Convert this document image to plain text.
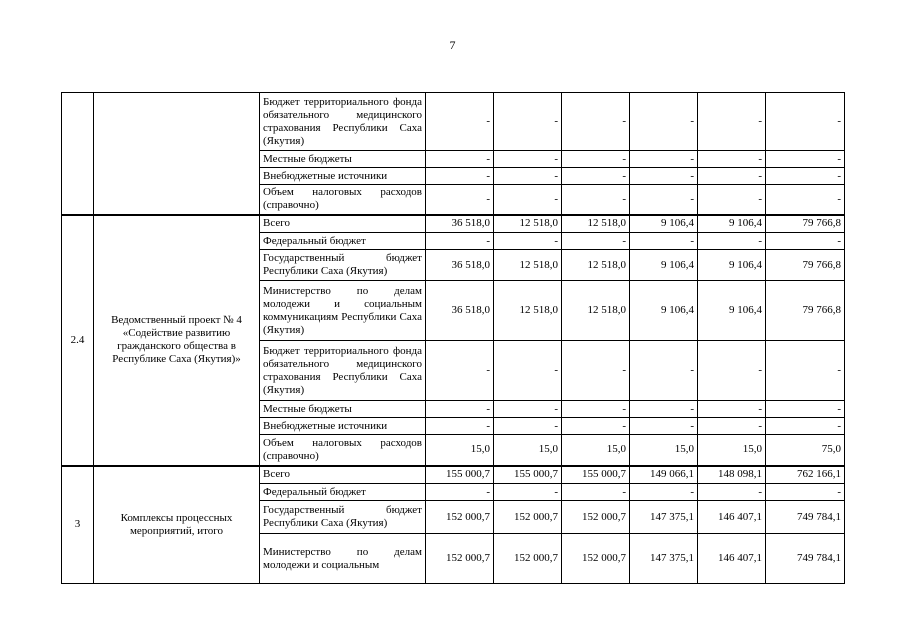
7
		Бюджет территориального фонда обязательного медицинского страхования Республики Саха (Якутия)	-	-	-	-	-	-
		Местные бюджеты	-	-	-	-	-	-
		Внебюджетные источники	-	-	-	-	-	-
		Объем налоговых расходов (справочно)	-	-	-	-	-	-
2.4	Ведомственный проект № 4 «Содействие развитию гражданского общества в Республике Саха (Якутия)»	Всего	36 518,0	12 518,0	12 518,0	9 106,4	9 106,4	79 766,8
		Федеральный бюджет	-	-	-	-	-	-
		Государственный бюджет Республики Саха (Якутия)	36 518,0	12 518,0	12 518,0	9 106,4	9 106,4	79 766,8
		Министерство по делам молодежи и социальным коммуникациям Республики Саха (Якутия)	36 518,0	12 518,0	12 518,0	9 106,4	9 106,4	79 766,8
		Бюджет территориального фонда обязательного медицинского страхования Республики Саха (Якутия)	-	-	-	-	-	-
		Местные бюджеты	-	-	-	-	-	-
		Внебюджетные источники	-	-	-	-	-	-
		Объем налоговых расходов (справочно)	15,0	15,0	15,0	15,0	15,0	75,0
3	Комплексы процессных мероприятий, итого	Всего	155 000,7	155 000,7	155 000,7	149 066,1	148 098,1	762 166,1
		Федеральный бюджет	-	-	-	-	-	-
		Государственный бюджет Республики Саха (Якутия)	152 000,7	152 000,7	152 000,7	147 375,1	146 407,1	749 784,1
		Министерство по делам молодежи и социальным	152 000,7	152 000,7	152 000,7	147 375,1	146 407,1	749 784,1
